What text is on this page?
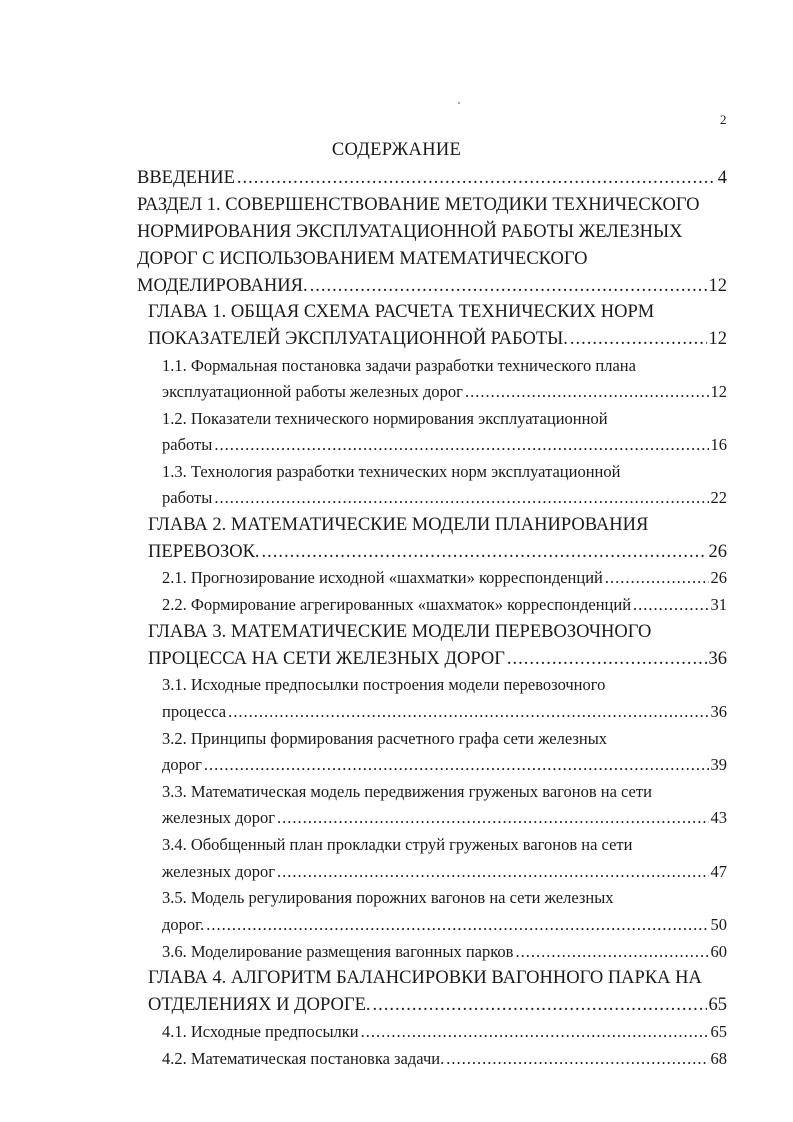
2
СОДЕРЖАНИЕ
ВВЕДЕНИЕ .....	4
РАЗДЕЛ 1. СОВЕРШЕНСТВОВАНИЕ МЕТОДИКИ ТЕХНИЧЕСКОГО
НОРМИРОВАНИЯ ЭКСПЛУАТАЦИОННОЙ РАБОТЫ ЖЕЛЕЗНЫХ
ДОРОГ С ИСПОЛЬЗОВАНИЕМ МАТЕМАТИЧЕСКОГО
МОДЕЛИРОВАНИЯ. .....	12
ГЛАВА 1. ОБЩАЯ СХЕМА РАСЧЕТА ТЕХНИЧЕСКИХ НОРМ
ПОКАЗАТЕЛЕЙ ЭКСПЛУАТАЦИОННОЙ РАБОТЫ. .....	12
1.1. Формальная постановка задачи разработки технического плана
эксплуатационной работы железных дорог .....	12
1.2. Показатели технического нормирования эксплуатационной
работы .....	16
1.3. Технология разработки технических норм эксплуатационной
работы .....	22
ГЛАВА 2. МАТЕМАТИЧЕСКИЕ МОДЕЛИ ПЛАНИРОВАНИЯ
ПЕРЕВОЗОК. .....	26
2.1. Прогнозирование исходной «шахматки» корреспонденций .....	26
2.2. Формирование агрегированных «шахматок» корреспонденций .....	31
ГЛАВА 3. МАТЕМАТИЧЕСКИЕ МОДЕЛИ ПЕРЕВОЗОЧНОГО
ПРОЦЕССА НА СЕТИ ЖЕЛЕЗНЫХ ДОРОГ .....	36
3.1. Исходные предпосылки построения модели перевозочного
процесса .....	36
3.2. Принципы формирования расчетного графа сети железных
дорог .....	39
3.3. Математическая модель передвижения груженых вагонов на сети
железных дорог .....	43
3.4. Обобщенный план прокладки струй груженых вагонов на сети
железных дорог .....	47
3.5. Модель регулирования порожних вагонов на сети железных
дорог. .....	50
3.6. Моделирование размещения вагонных парков .....	60
ГЛАВА 4. АЛГОРИТМ БАЛАНСИРОВКИ ВАГОННОГО ПАРКА НА
ОТДЕЛЕНИЯХ И ДОРОГЕ. .....	65
4.1. Исходные предпосылки .....	65
4.2. Математическая постановка задачи. .....	68
